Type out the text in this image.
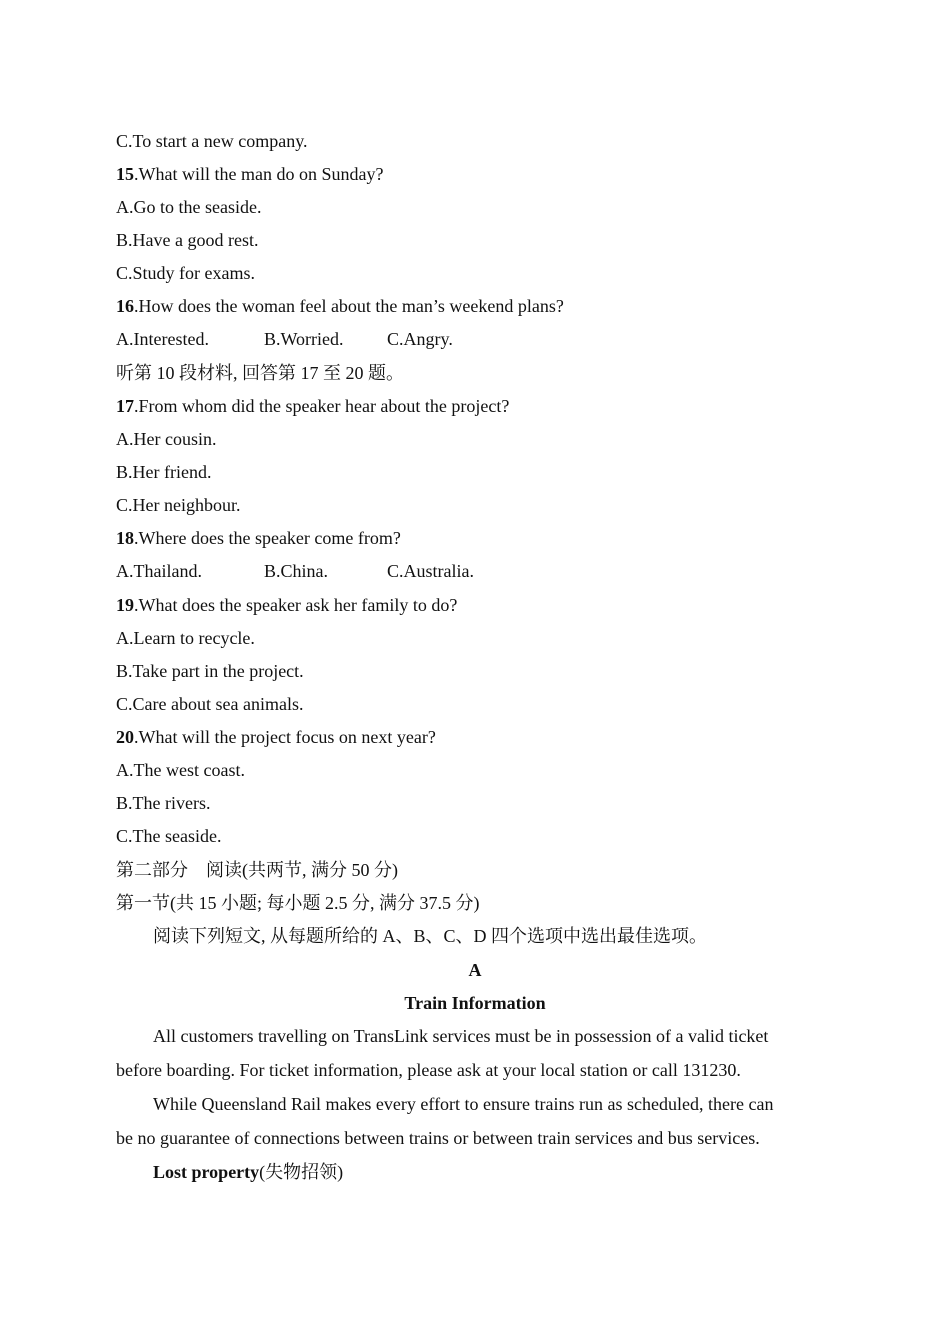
C.To start a new company.
15.What will the man do on Sunday?
A.Go to the seaside.
B.Have a good rest.
C.Study for exams.
16.How does the woman feel about the man’s weekend plans?
A.Interested.	B.Worried. C.Angry.
听第 10 段材料, 回答第 17 至 20 题。
17.From whom did the speaker hear about the project?
A.Her cousin.
B.Her friend.
C.Her neighbour.
18.Where does the speaker come from?
A.Thailand.	B.China.	C.Australia.
19.What does the speaker ask her family to do?
A.Learn to recycle.
B.Take part in the project.
C.Care about sea animals.
20.What will the project focus on next year?
A.The west coast.
B.The rivers.
C.The seaside.
第二部分 阅读(共两节, 满分 50 分)
第一节(共 15 小题; 每小题 2.5 分, 满分 37.5 分)
阅读下列短文, 从每题所给的 A、B、C、D 四个选项中选出最佳选项。
A
Train Information
All customers travelling on TransLink services must be in possession of a valid ticket
before boarding. For ticket information, please ask at your local station or call 131230.
While Queensland Rail makes every effort to ensure trains run as scheduled, there can
be no guarantee of connections between trains or between train services and bus services.
Lost property(失物招领)
